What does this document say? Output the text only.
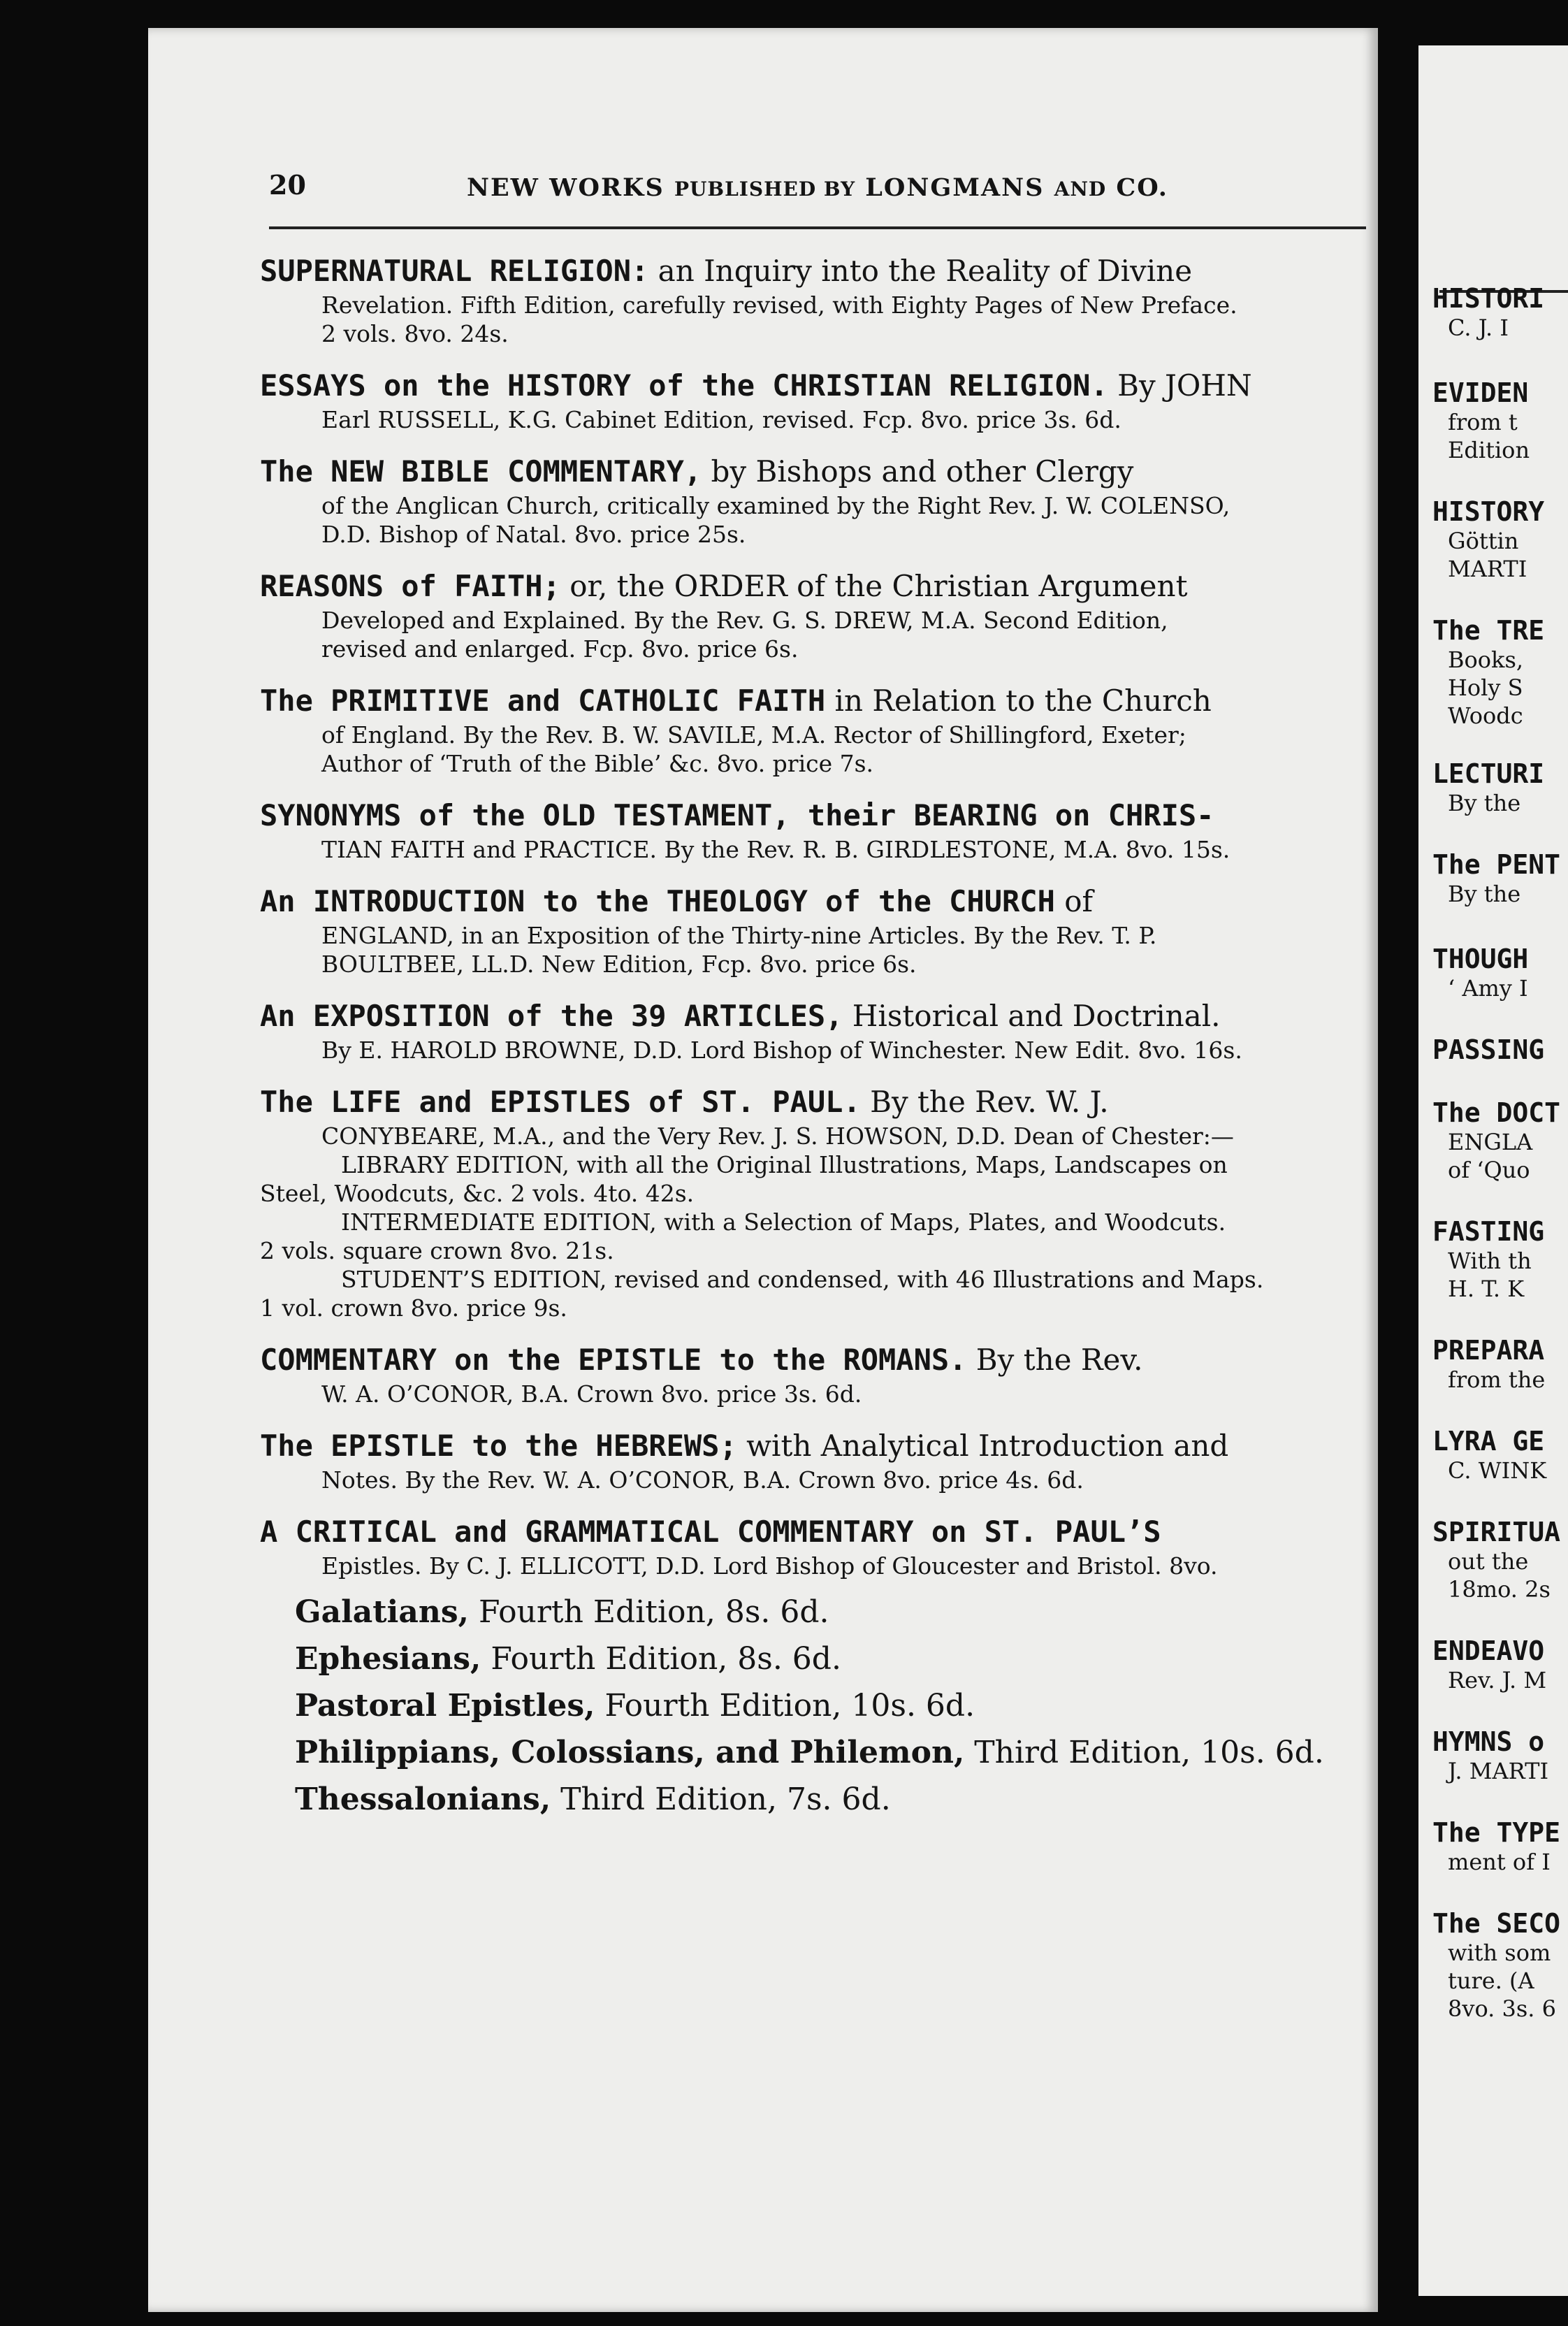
20	NEW WORKS PUBLISHED BY LONGMANS AND CO.
SUPERNATURAL RELIGION: an Inquiry into the Reality of Divine
Revelation. Fifth Edition, carefully revised, with Eighty Pages of New Preface.
2 vols. 8vo. 24s.
ESSAYS on the HISTORY of the CHRISTIAN RELIGION. By JOHN
Earl RUSSELL, K.G. Cabinet Edition, revised. Fcp. 8vo. price 3s. 6d.
The NEW BIBLE COMMENTARY, by Bishops and other Clergy
of the Anglican Church, critically examined by the Right Rev. J. W. COLENSO,
D.D. Bishop of Natal. 8vo. price 25s.
REASONS of FAITH; or, the ORDER of the Christian Argument
Developed and Explained. By the Rev. G. S. DREW, M.A. Second Edition,
revised and enlarged. Fcp. 8vo. price 6s.
The PRIMITIVE and CATHOLIC FAITH in Relation to the Church
of England. By the Rev. B. W. SAVILE, M.A. Rector of Shillingford, Exeter;
Author of ‘Truth of the Bible’ &c. 8vo. price 7s.
SYNONYMS of the OLD TESTAMENT, their BEARING on CHRIS-
TIAN FAITH and PRACTICE. By the Rev. R. B. GIRDLESTONE, M.A. 8vo. 15s.
An INTRODUCTION to the THEOLOGY of the CHURCH of
ENGLAND, in an Exposition of the Thirty-nine Articles. By the Rev. T. P.
BOULTBEE, LL.D. New Edition, Fcp. 8vo. price 6s.
An EXPOSITION of the 39 ARTICLES, Historical and Doctrinal.
By E. HAROLD BROWNE, D.D. Lord Bishop of Winchester. New Edit. 8vo. 16s.
The LIFE and EPISTLES of ST. PAUL. By the Rev. W. J.
CONYBEARE, M.A., and the Very Rev. J. S. HOWSON, D.D. Dean of Chester:—
LIBRARY EDITION, with all the Original Illustrations, Maps, Landscapes on
Steel, Woodcuts, &c. 2 vols. 4to. 42s.
INTERMEDIATE EDITION, with a Selection of Maps, Plates, and Woodcuts.
2 vols. square crown 8vo. 21s.
STUDENT’S EDITION, revised and condensed, with 46 Illustrations and Maps.
1 vol. crown 8vo. price 9s.
COMMENTARY on the EPISTLE to the ROMANS. By the Rev.
W. A. O’CONOR, B.A. Crown 8vo. price 3s. 6d.
The EPISTLE to the HEBREWS; with Analytical Introduction and
Notes. By the Rev. W. A. O’CONOR, B.A. Crown 8vo. price 4s. 6d.
A CRITICAL and GRAMMATICAL COMMENTARY on ST. PAUL’S
Epistles. By C. J. ELLICOTT, D.D. Lord Bishop of Gloucester and Bristol. 8vo.
Galatians, Fourth Edition, 8s. 6d.
Ephesians, Fourth Edition, 8s. 6d.
Pastoral Epistles, Fourth Edition, 10s. 6d.
Philippians, Colossians, and Philemon, Third Edition, 10s. 6d.
Thessalonians, Third Edition, 7s. 6d.
HISTORI
C. J. I
EVIDEN
from t
Edition
HISTORY
Göttin
MARTI
The TRE
Books,
Holy S
Woodc
LECTURI
By the
The PENT
By the
THOUGH
‘ Amy I
PASSING
The DOCT
ENGLA
of ‘Quo
FASTING
With th
H. T. K
PREPARA
from the
LYRA GE
C. WINK
SPIRITUA
out the
18mo. 2s
ENDEAVO
Rev. J. M
HYMNS o
J. MARTI
The TYPE
ment of I
The SECO
with som
ture. (A
8vo. 3s. 6
